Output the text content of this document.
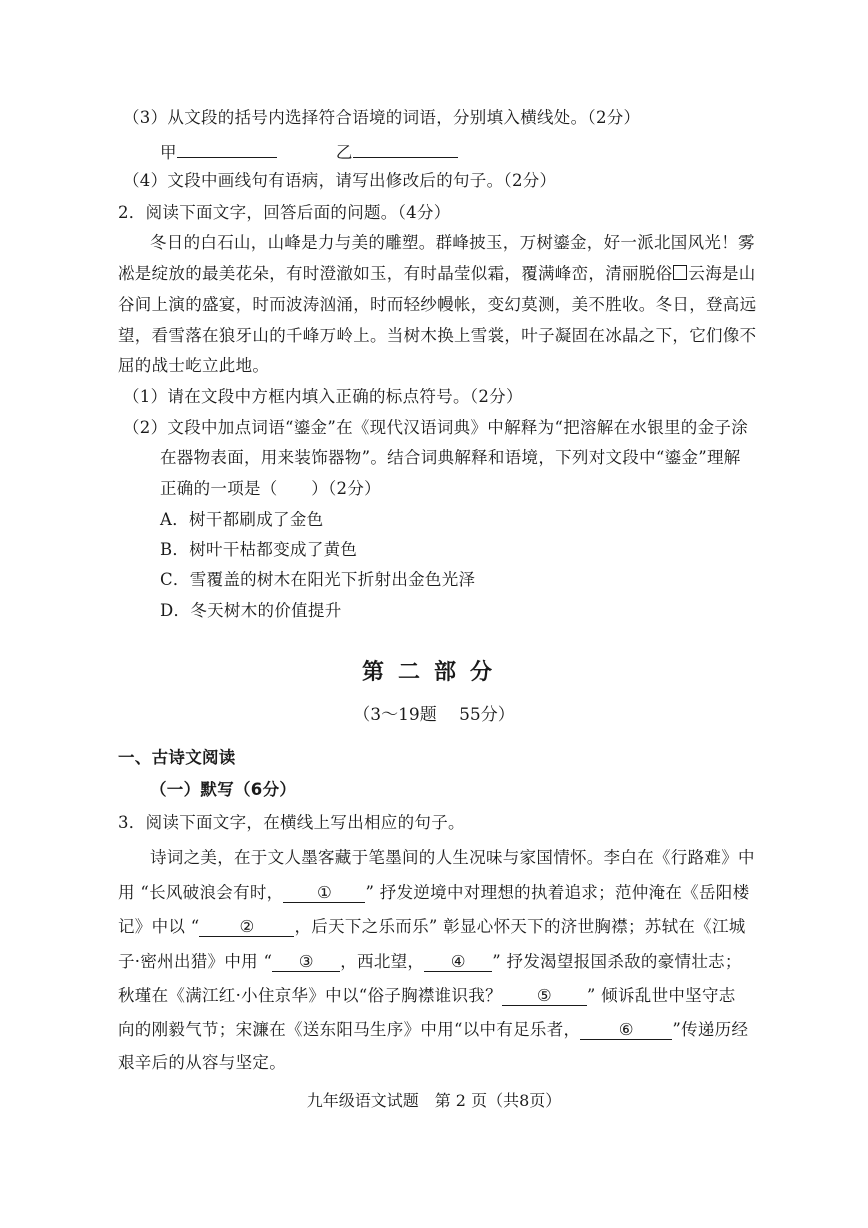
（3）从文段的括号内选择符合语境的词语，分别填入横线处。（2分）
甲	乙
（4）文段中画线句有语病，请写出修改后的句子。（2分）
2．阅读下面文字，回答后面的问题。（4分）
冬日的白石山，山峰是力与美的雕塑。群峰披玉，万树鎏金，好一派北国风光！雾
凇是绽放的最美花朵，有时澄澈如玉，有时晶莹似霜，覆满峰峦，清丽脱俗 云海是山
谷间上演的盛宴，时而波涛汹涌，时而轻纱幔帐，变幻莫测，美不胜收。冬日，登高远
望，看雪落在狼牙山的千峰万岭上。当树木换上雪裳，叶子凝固在冰晶之下，它们像不
屈的战士屹立此地。
（1）请在文段中方框内填入正确的标点符号。（2分）
（2）文段中加点词语“鎏金”在《现代汉语词典》中解释为“把溶解在水银里的金子涂
在器物表面，用来装饰器物”。结合词典解释和语境，下列对文段中“鎏金”理解
正确的一项是（　　）（2分）
A．树干都刷成了金色
B．树叶干枯都变成了黄色
C．雪覆盖的树木在阳光下折射出金色光泽
D．冬天树木的价值提升
第二部分
（3～19题　 55分）
一、古诗文阅读
（一）默写（6分）
3．阅读下面文字，在横线上写出相应的句子。
诗词之美，在于文人墨客藏于笔墨间的人生况味与家国情怀。李白在《行路难》中
用 “长风破浪会有时， ① ” 抒发逆境中对理想的执着追求；范仲淹在《岳阳楼
记》中以 “ ② ，后天下之乐而乐” 彰显心怀天下的济世胸襟；苏轼在《江城
子·密州出猎》中用 “ ③ ，西北望， ④ ” 抒发渴望报国杀敌的豪情壮志；
秋瑾在《满江红·小住京华》中以“俗子胸襟谁识我？ ⑤ ” 倾诉乱世中坚守志
向的刚毅气节；宋濂在《送东阳马生序》中用“以中有足乐者， ⑥ ”传递历经
艰辛后的从容与坚定。
九年级语文试题　第 2 页（共8页）
